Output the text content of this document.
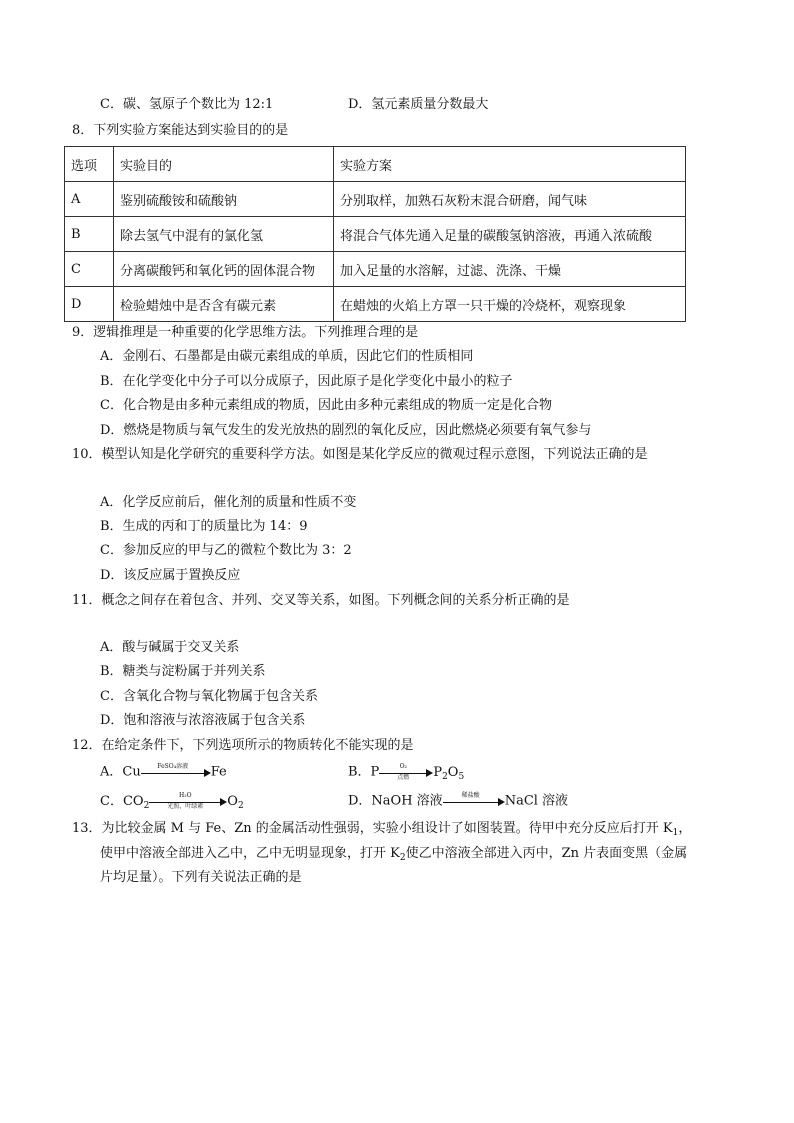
C．碳、氢原子个数比为 12:1	D．氢元素质量分数最大
8．下列实验方案能达到实验目的的是
选项	实验目的	实验方案
A	鉴别硫酸铵和硫酸钠	分别取样，加熟石灰粉末混合研磨，闻气味
B	除去氢气中混有的氯化氢	将混合气体先通入足量的碳酸氢钠溶液，再通入浓硫酸
C	分离碳酸钙和氧化钙的固体混合物	加入足量的水溶解，过滤、洗涤、干燥
D	检验蜡烛中是否含有碳元素	在蜡烛的火焰上方罩一只干燥的冷烧杯，观察现象
9．逻辑推理是一种重要的化学思维方法。下列推理合理的是
A．金刚石、石墨都是由碳元素组成的单质，因此它们的性质相同
B．在化学变化中分子可以分成原子，因此原子是化学变化中最小的粒子
C．化合物是由多种元素组成的物质，因此由多种元素组成的物质一定是化合物
D．燃烧是物质与氧气发生的发光放热的剧烈的氧化反应，因此燃烧必须要有氧气参与
10．模型认知是化学研究的重要科学方法。如图是某化学反应的微观过程示意图，下列说法正确的是
A．化学反应前后，催化剂的质量和性质不变
B．生成的丙和丁的质量比为 14：9
C．参加反应的甲与乙的微粒个数比为 3：2
D．该反应属于置换反应
11．概念之间存在着包含、并列、交叉等关系，如图。下列概念间的关系分析正确的是
A．酸与碱属于交叉关系
B．糖类与淀粉属于并列关系
C．含氧化合物与氧化物属于包含关系
D．饱和溶液与浓溶液属于包含关系
12．在给定条件下，下列选项所示的物质转化不能实现的是
A．Cu	FeSO₄溶液	Fe	B．P	O₂
点燃	$P_2O_5$
C．$CO_2$
H₂O
光照，叶绿素	$O_2$	D．NaOH 溶液	稀盐酸	NaCl 溶液
13．为比较金属 M 与 Fe、Zn 的金属活动性强弱，实验小组设计了如图装置。待甲中充分反应后打开 $K_1$，
使甲中溶液全部进入乙中，乙中无明显现象，打开 $K_2$使乙中溶液全部进入丙中，Zn 片表面变黑（金属
片均足量）。下列有关说法正确的是
